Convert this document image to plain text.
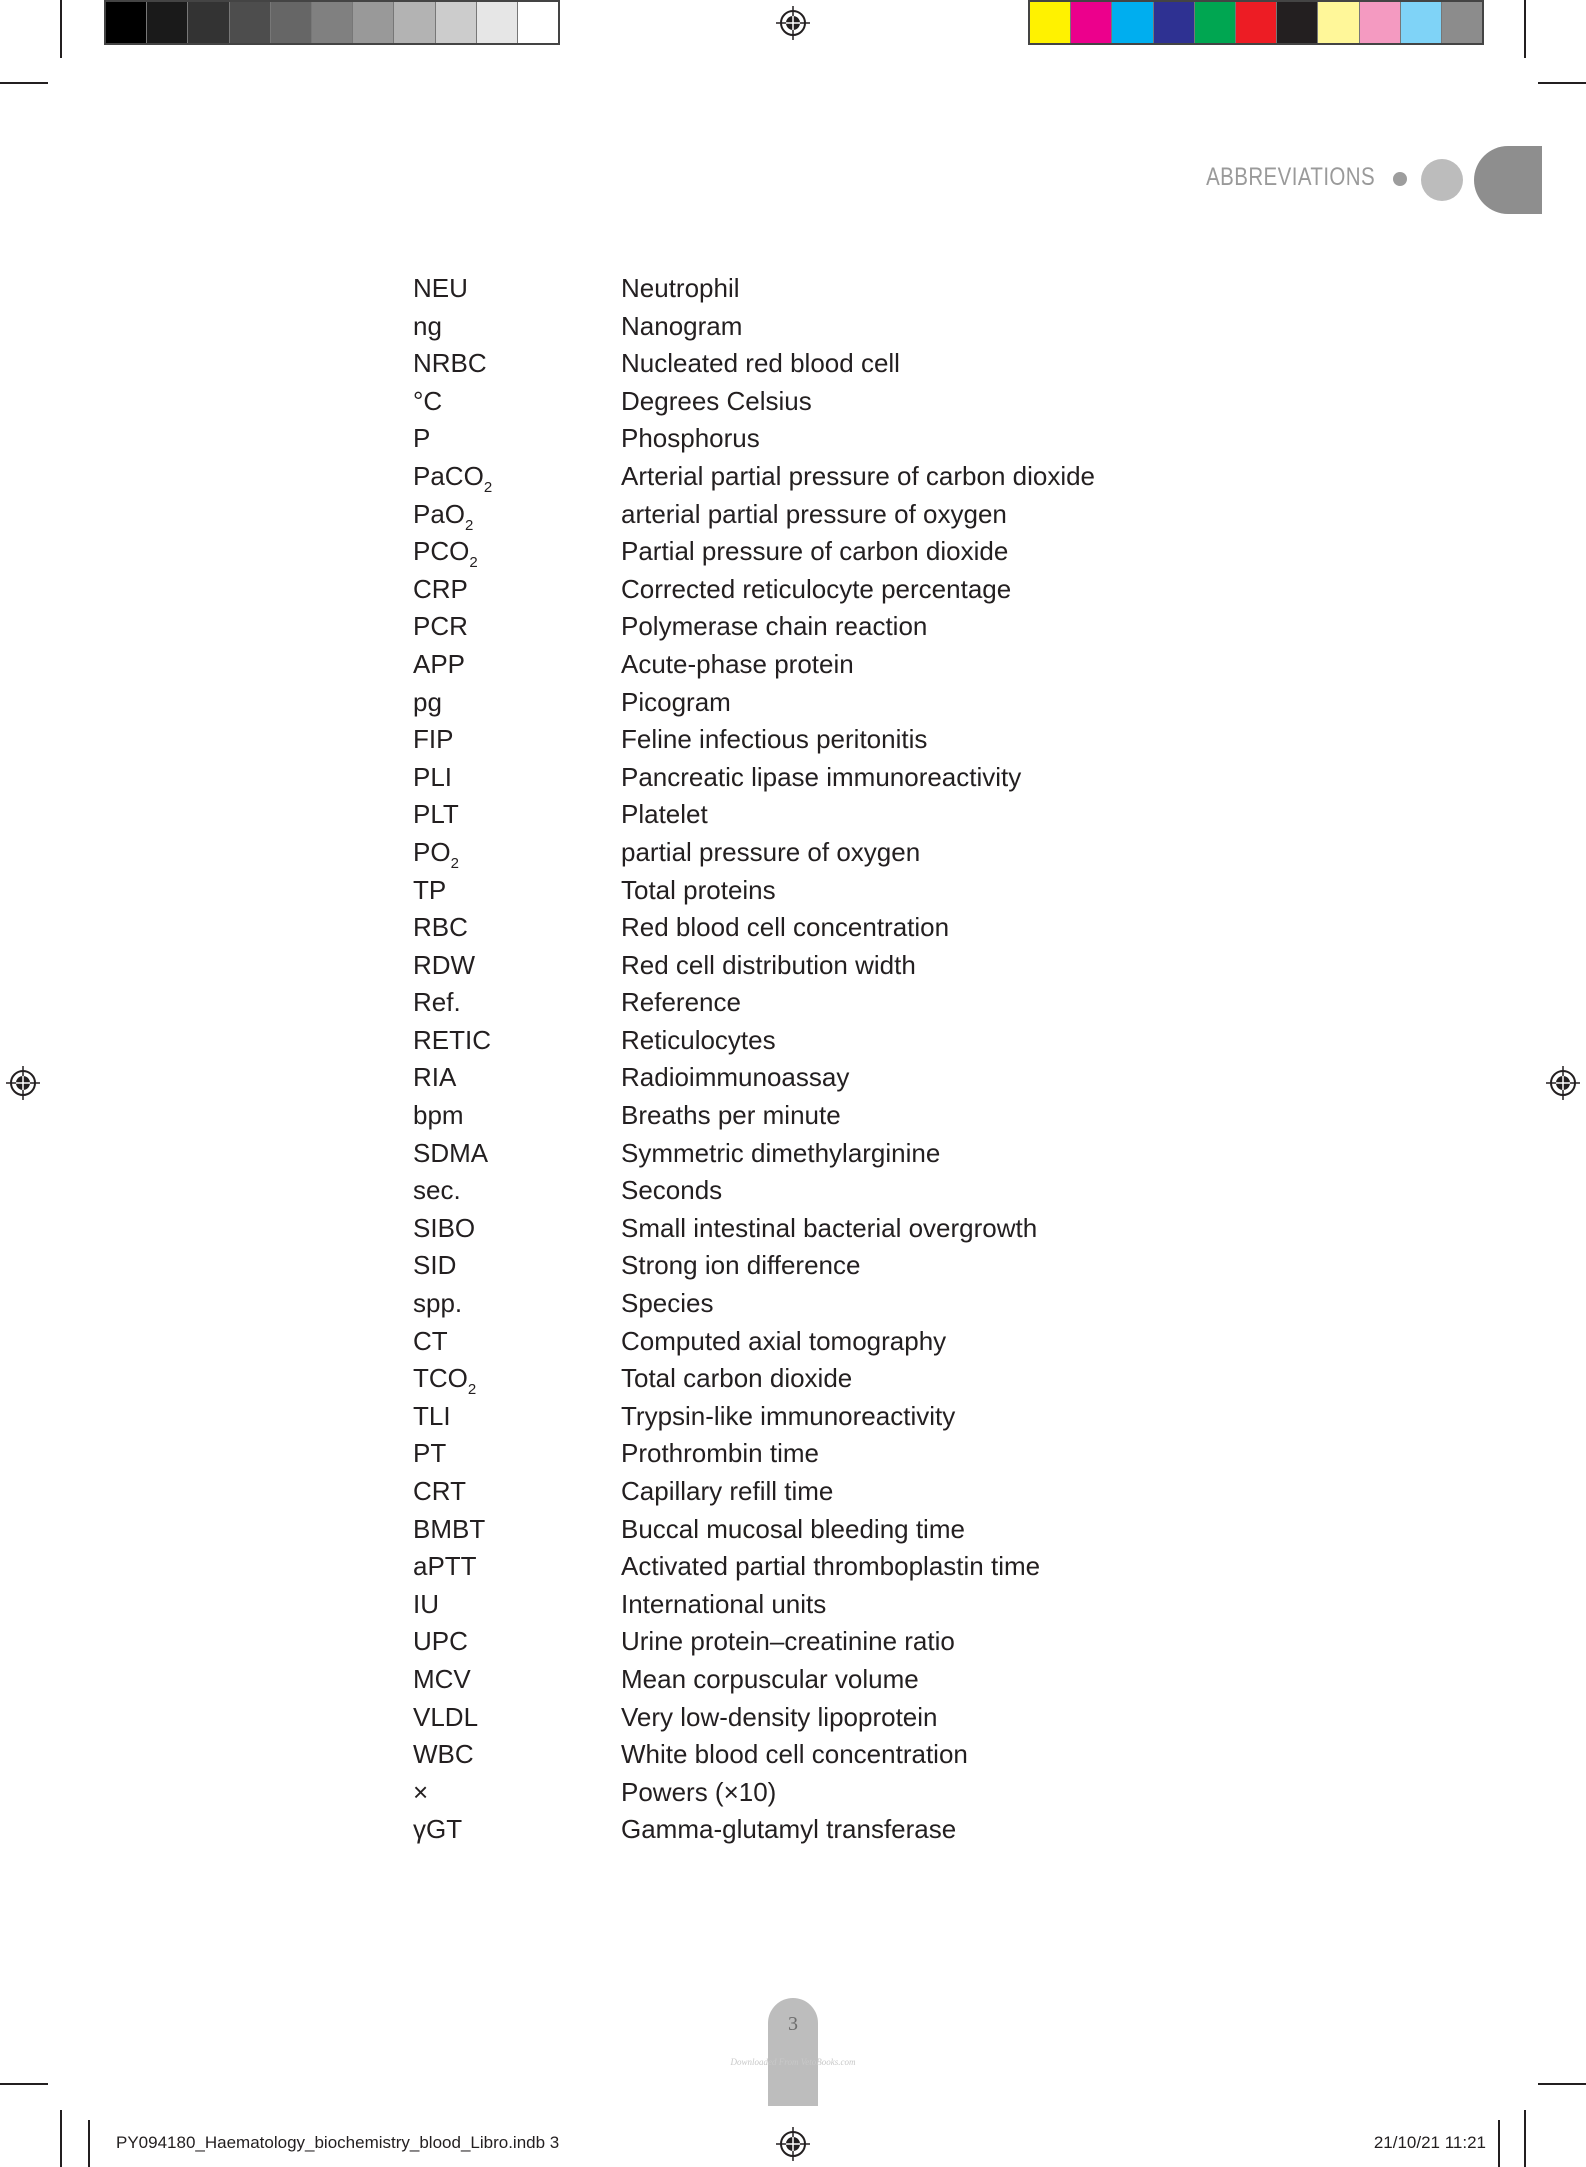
ABBREVIATIONS
NEU	Neutrophil
ng	Nanogram
NRBC	Nucleated red blood cell
°C	Degrees Celsius
P	Phosphorus
PaCO$_2$	Arterial partial pressure of carbon dioxide
PaO$_2$	arterial partial pressure of oxygen
$PCO_2$	Partial pressure of carbon dioxide
CRP	Corrected reticulocyte percentage
PCR	Polymerase chain reaction
APP	Acute-phase protein
pg	Picogram
FIP	Feline infectious peritonitis
PLI	Pancreatic lipase immunoreactivity
PLT	Platelet
$PO_2$	partial pressure of oxygen
TP	Total proteins
RBC	Red blood cell concentration
RDW	Red cell distribution width
Ref.	Reference
RETIC	Reticulocytes
RIA	Radioimmunoassay
bpm	Breaths per minute
SDMA	Symmetric dimethylarginine
sec.	Seconds
SIBO	Small intestinal bacterial overgrowth
SID	Strong ion difference
spp.	Species
CT	Computed axial tomography
$TCO_2$	Total carbon dioxide
TLI	Trypsin-like immunoreactivity
PT	Prothrombin time
CRT	Capillary refill time
BMBT	Buccal mucosal bleeding time
aPTT	Activated partial thromboplastin time
IU	International units
UPC	Urine protein–creatinine ratio
MCV	Mean corpuscular volume
VLDL	Very low-density lipoprotein
WBC	White blood cell concentration
×	Powers (×10)
γGT	Gamma-glutamyl transferase
3
Downloaded From VetoBooks.com
PY094180_Haematology_biochemistry_blood_Libro.indb 3	21/10/21 11:21
